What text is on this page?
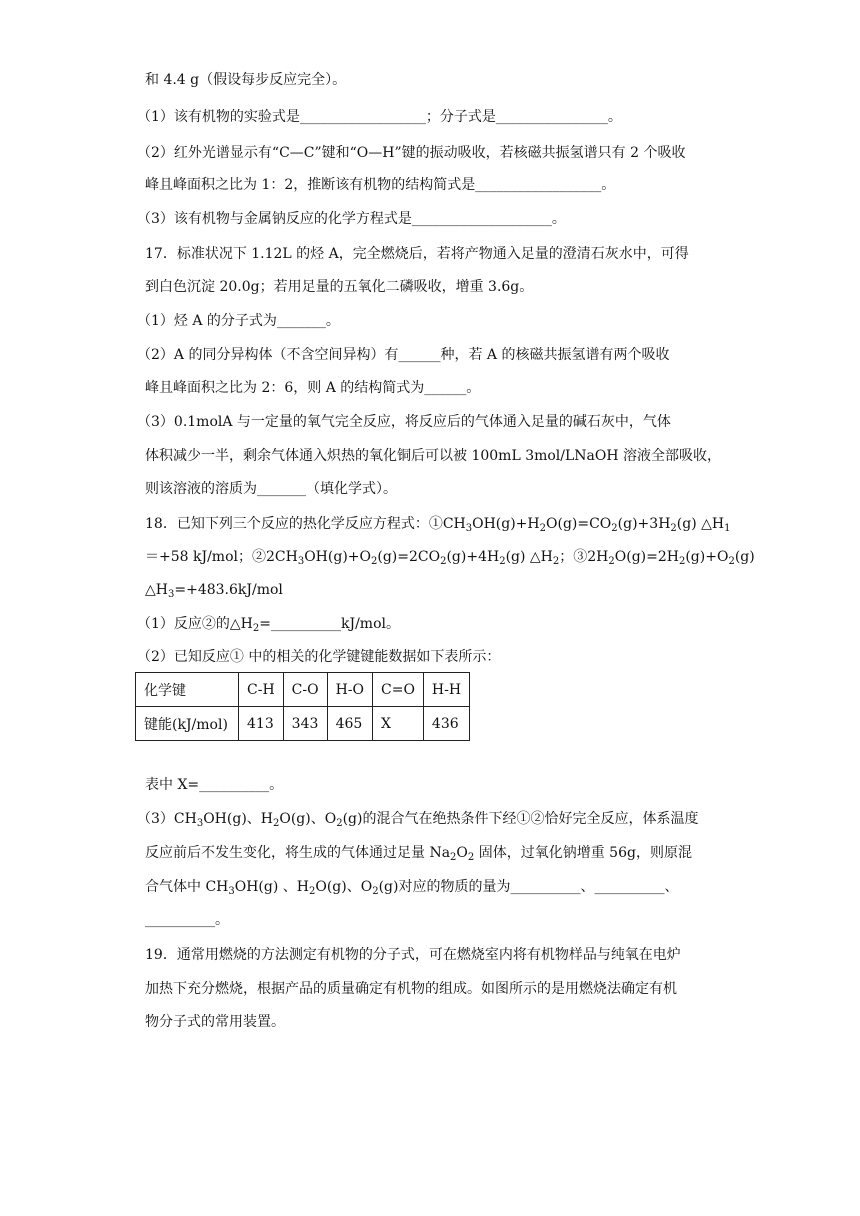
和 4.4 g（假设每步反应完全）。
（1）该有机物的实验式是__________________；分子式是________________。
（2）红外光谱显示有“C—C”键和“O—H”键的振动吸收，若核磁共振氢谱只有 2 个吸收
峰且峰面积之比为 1：2，推断该有机物的结构简式是__________________。
（3）该有机物与金属钠反应的化学方程式是____________________。
17．标准状况下 1.12L 的烃 A，完全燃烧后，若将产物通入足量的澄清石灰水中，可得
到白色沉淀 20.0g；若用足量的五氧化二磷吸收，增重 3.6g。
（1）烃 A 的分子式为_______。
（2）A 的同分异构体（不含空间异构）有______种，若 A 的核磁共振氢谱有两个吸收
峰且峰面积之比为 2：6，则 A 的结构简式为______。
（3）0.1molA 与一定量的氧气完全反应，将反应后的气体通入足量的碱石灰中，气体
体积减少一半，剩余气体通入炽热的氧化铜后可以被 100mL 3mol/LNaOH 溶液全部吸收，
则该溶液的溶质为_______（填化学式）。
18．已知下列三个反应的热化学反应方程式：$①CH_3OH(g)+H_2O(g)=CO_2(g)+3H_2(g)$ $\triangle H_1$
＝+58 kJ/mol；$②2CH_3OH(g)+O_2(g)=2CO_2(g)+4H_2(g)$ $\triangle H_2$；$③2H_2O(g)=2H_2(g)+O_2(g)$
$\triangle H_3=+483.6kJ$/mol
（1）反应②的$\triangle H_2=\_\_\_\_\_\_\_\_\_\_kJ$/mol。
（2）已知反应① 中的相关的化学键键能数据如下表所示：
化学键	C-H	C-O	H-O	C=O	H-H
键能(kJ/mol)	413	343	465	X	436
表中 X=__________。
$(3)CH_3OH(g)$、$H_2O(g)$、$O_2(g)$的混合气在绝热条件下经①②恰好完全反应，体系温度
反应前后不发生变化，将生成的气体通过足量 $Na_2O_2$ 固体，过氧化钠增重 56g，则原混
合气体中 $CH_3OH(g)$ 、$H_2O(g)$、$O_2(g)$对应的物质的量为__________、__________、
__________。
19．通常用燃烧的方法测定有机物的分子式，可在燃烧室内将有机物样品与纯氧在电炉
加热下充分燃烧，根据产品的质量确定有机物的组成。如图所示的是用燃烧法确定有机
物分子式的常用装置。
